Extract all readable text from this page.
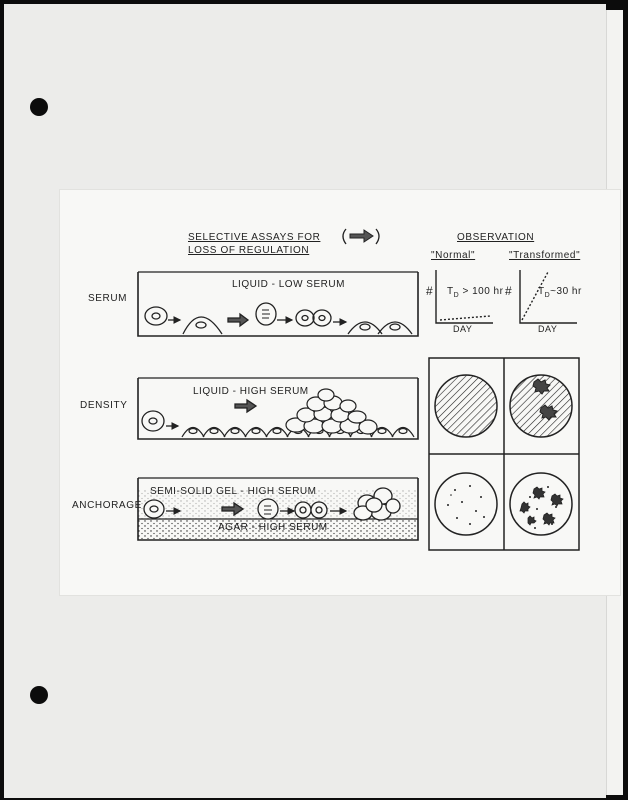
SELECTIVE ASSAYS FOR
LOSS OF REGULATION
OBSERVATION
"Normal"	"Transformed"
SERUM
DENSITY
ANCHORAGE
LIQUID - LOW SERUM
LIQUID - HIGH SERUM
SEMI-SOLID GEL - HIGH SERUM
#	#
$T_D > 100$ hr	$T_D\sim 30$ hr
DAY	DAY
